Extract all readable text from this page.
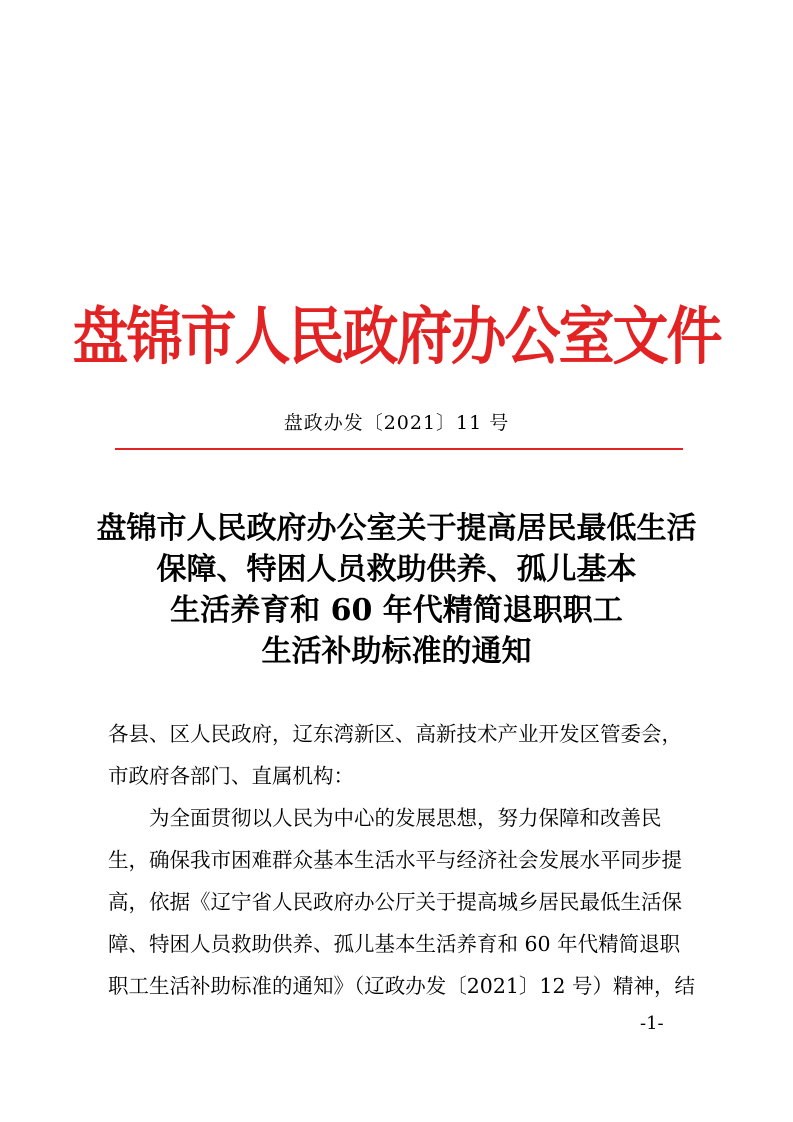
盘锦市人民政府办公室文件
盘政办发〔2021〕11 号
盘锦市人民政府办公室关于提高居民最低生活
保障、特困人员救助供养、孤儿基本
生活养育和 60 年代精简退职职工
生活补助标准的通知
各县、区人民政府，辽东湾新区、高新技术产业开发区管委会，
市政府各部门、直属机构：
为全面贯彻以人民为中心的发展思想，努力保障和改善民
生，确保我市困难群众基本生活水平与经济社会发展水平同步提
高，依据《辽宁省人民政府办公厅关于提高城乡居民最低生活保
障、特困人员救助供养、孤儿基本生活养育和 60 年代精简退职
职工生活补助标准的通知》（辽政办发〔2021〕12 号）精神，结
-1-
